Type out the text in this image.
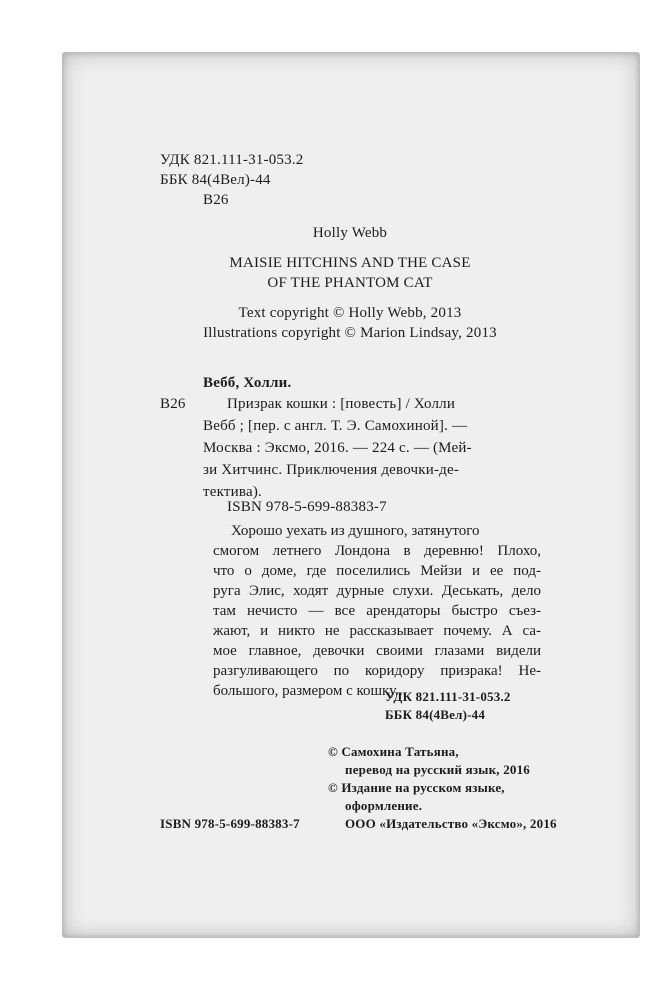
УДК 821.111-31-053.2
ББК 84(4Вел)-44
В26
Holly Webb
MAISIE HITCHINS AND THE CASE
OF THE PHANTOM CAT
Text copyright © Holly Webb, 2013
Illustrations copyright © Marion Lindsay, 2013
Вебб, Холли.
В26	Призрак кошки : [повесть] / Холли
Вебб ; [пер. с англ. Т. Э. Самохиной]. —
Москва : Эксмо, 2016. — 224 с. — (Мей-
зи Хитчинс. Приключения девочки-де-
тектива).
ISBN 978-5-699-88383-7
Хорошо уехать из душного, затянутого
смогом летнего Лондона в деревню! Плохо,
что о доме, где поселились Мейзи и ее под-
руга Элис, ходят дурные слухи. Деськать, дело
там нечисто — все арендаторы быстро съез-
жают, и никто не рассказывает почему. А са-
мое главное, девочки своими глазами видели
разгуливающего по коридору призрака! Не-
большого, размером с кошку...
УДК 821.111-31-053.2
ББК 84(4Вел)-44
© Самохина Татьяна,
перевод на русский язык, 2016
© Издание на русском языке,
оформление.
ООО «Издательство «Эксмо», 2016
ISBN 978-5-699-88383-7
